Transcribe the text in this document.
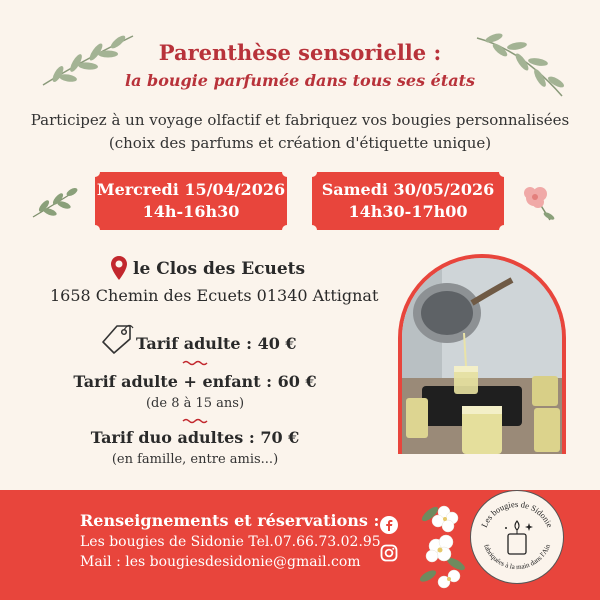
Parenthèse sensorielle :
la bougie parfumée dans tous ses états
Participez à un voyage olfactif et fabriquez vos bougies personnalisées
(choix des parfums et création d'étiquette unique)
Mercredi 15/04/2026
14h-16h30
Samedi 30/05/2026
14h30-17h00
le Clos des Ecuets
1658 Chemin des Ecuets 01340 Attignat
Tarif adulte : 40 €
Tarif adulte + enfant : 60 €
(de 8 à 15 ans)
Tarif duo adultes : 70 €
(en famille, entre amis...)
Renseignements et réservations :
Les bougies de Sidonie Tel.07.66.73.02.95
Mail : les bougiesdesidonie@gmail.com
Les bougies de Sidonie
fabriquées à la main dans l'Ain
